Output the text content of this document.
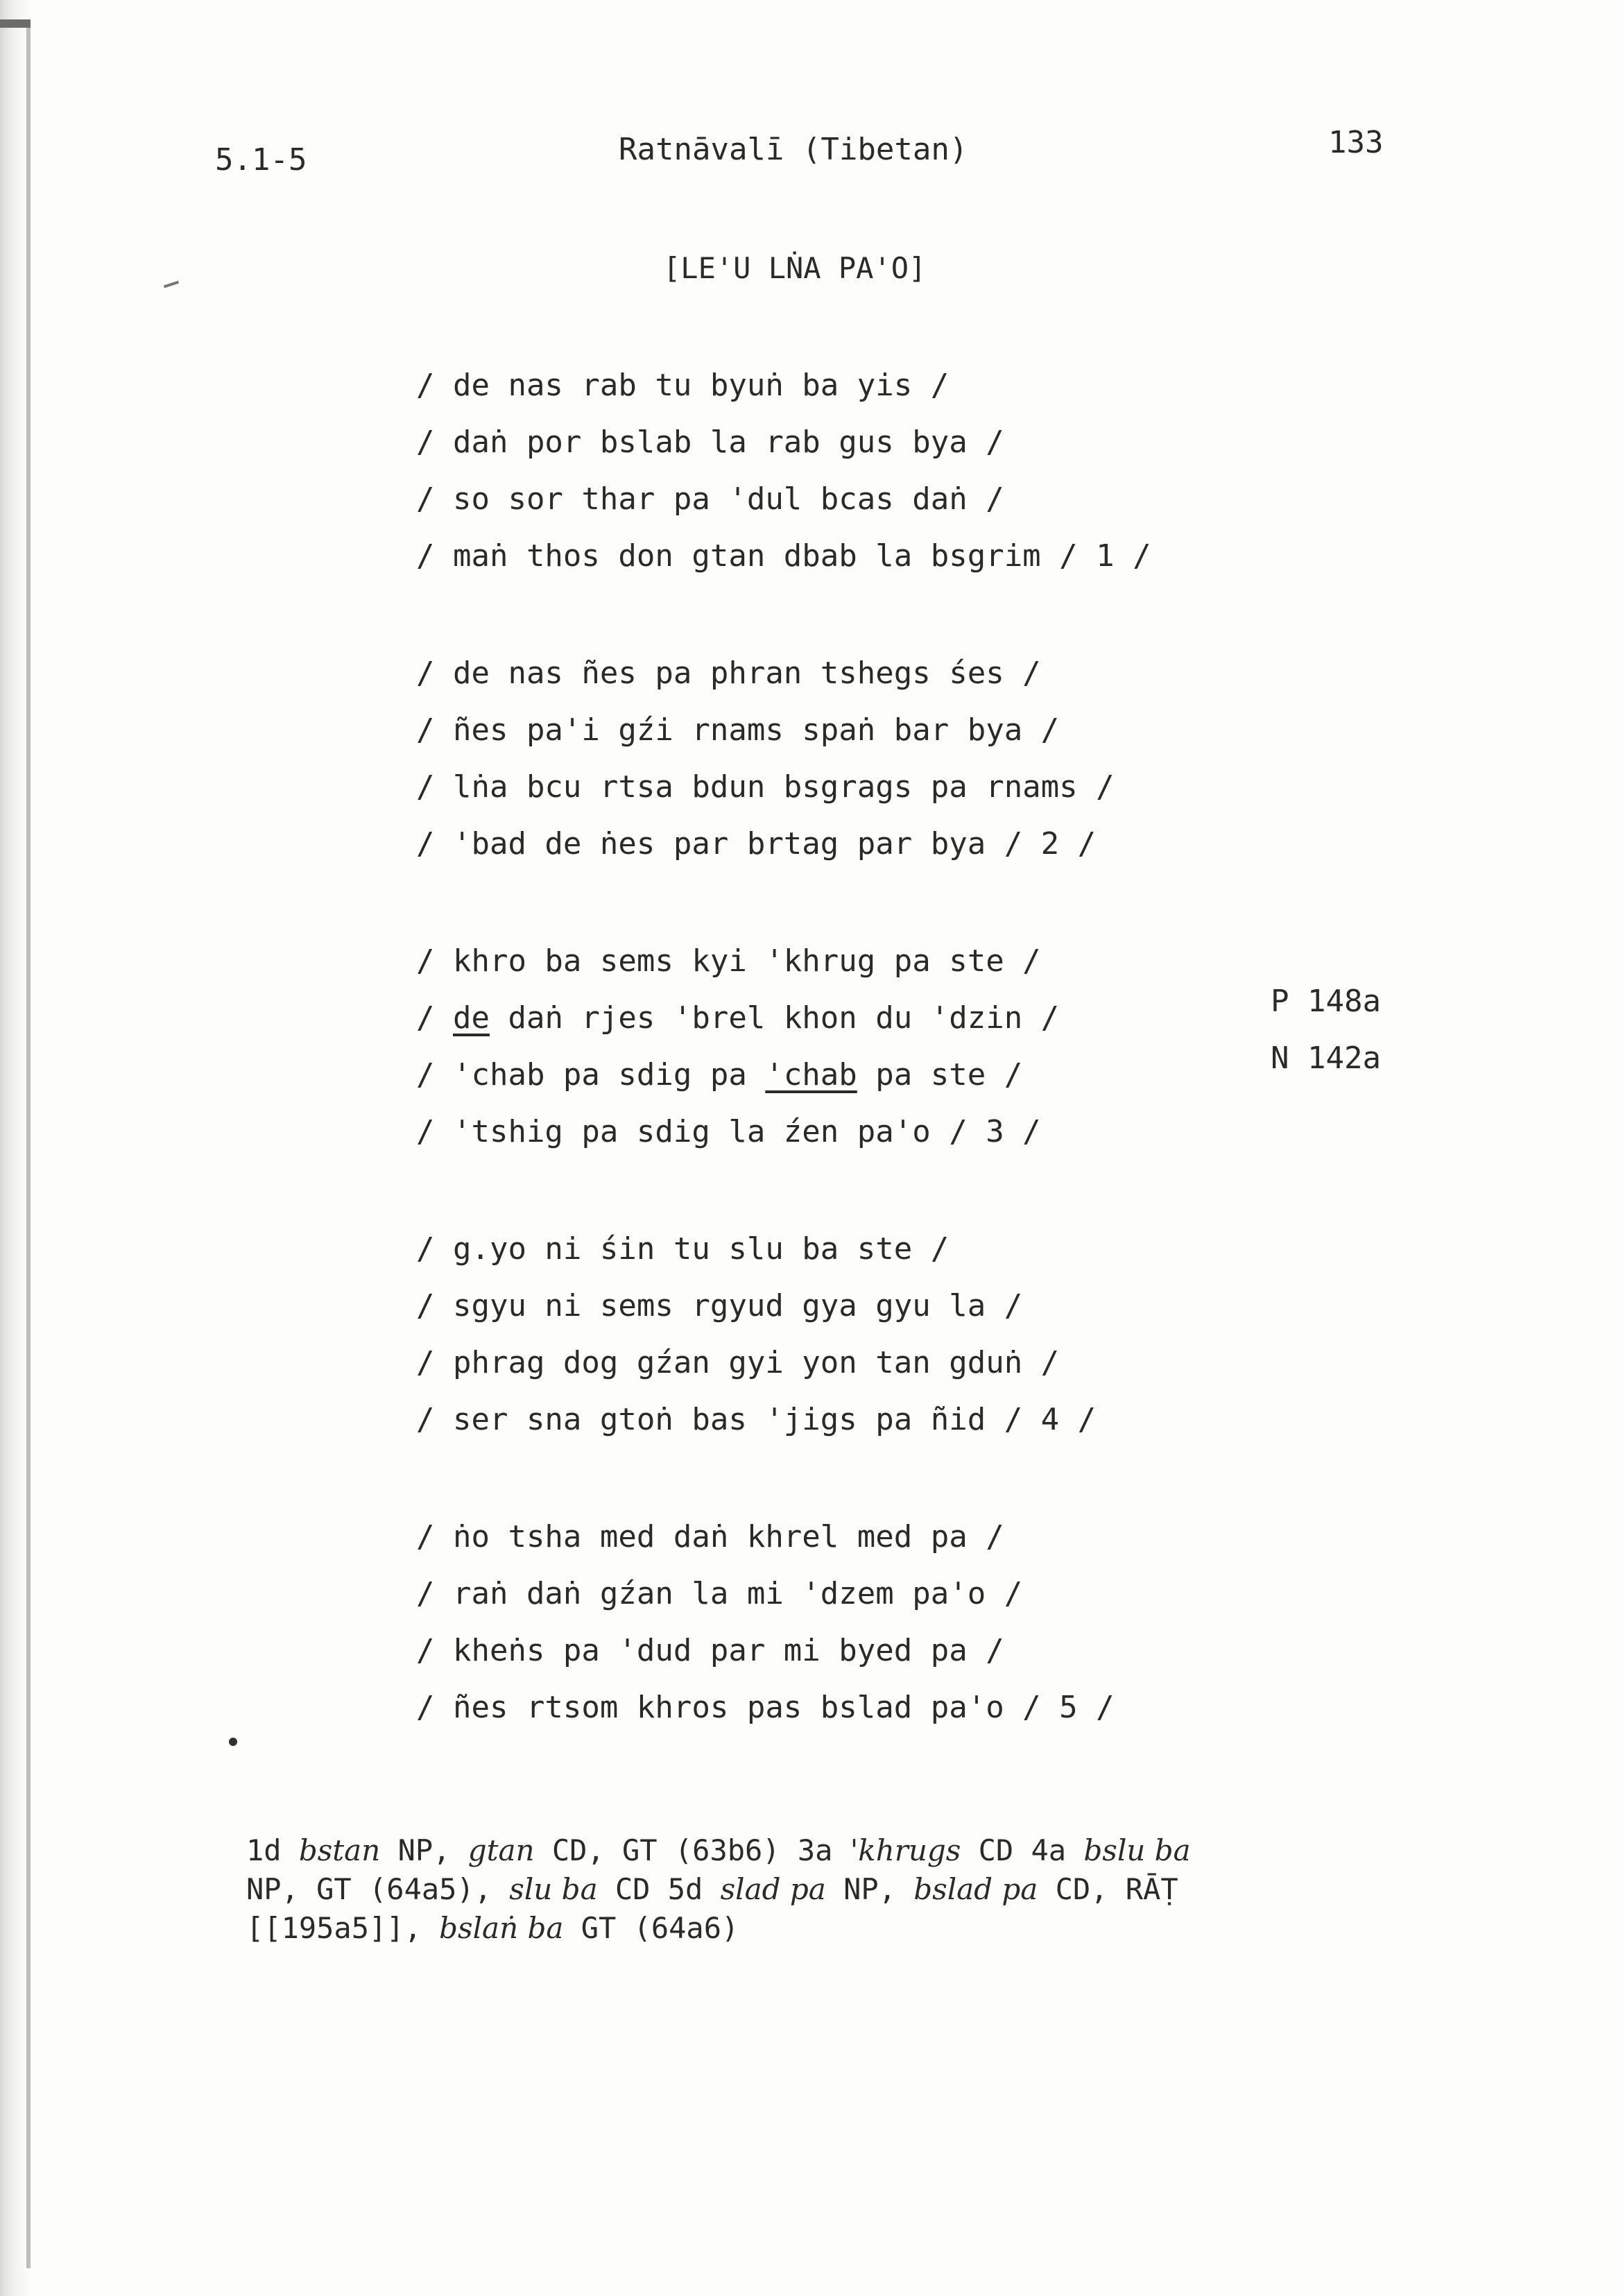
5.1-5	Ratnāvalī (Tibetan)	133
[LE'U LṄA PA'O]
/ de nas rab tu byuṅ ba yis /
/ daṅ por bslab la rab gus bya /
/ so sor thar pa 'dul bcas daṅ /
/ maṅ thos don gtan dbab la bsgrim / 1 /
/ de nas ñes pa phran tshegs śes /
/ ñes pa'i gźi rnams spaṅ bar bya /
/ lṅa bcu rtsa bdun bsgrags pa rnams /
/ 'bad de ṅes par brtag par bya / 2 /
/ khro ba sems kyi 'khrug pa ste /
/ de daṅ rjes 'brel khon du 'dzin /
/ 'chab pa sdig pa 'chab pa ste /
/ 'tshig pa sdig la źen pa'o / 3 /
P 148a
N 142a
/ g.yo ni śin tu slu ba ste /
/ sgyu ni sems rgyud gya gyu la /
/ phrag dog gźan gyi yon tan gduṅ /
/ ser sna gtoṅ bas 'jigs pa ñid / 4 /
/ ṅo tsha med daṅ khrel med pa /
/ raṅ daṅ gźan la mi 'dzem pa'o /
/ kheṅs pa 'dud par mi byed pa /
/ ñes rtsom khros pas bslad pa'o / 5 /
1d bstan NP, gtan CD, GT (63b6) 3a 'khrugs CD 4a bslu ba
NP, GT (64a5), slu ba CD 5d slad pa NP, bslad pa CD, RĀṬ
[[195a5]], bslaṅ ba GT (64a6)
